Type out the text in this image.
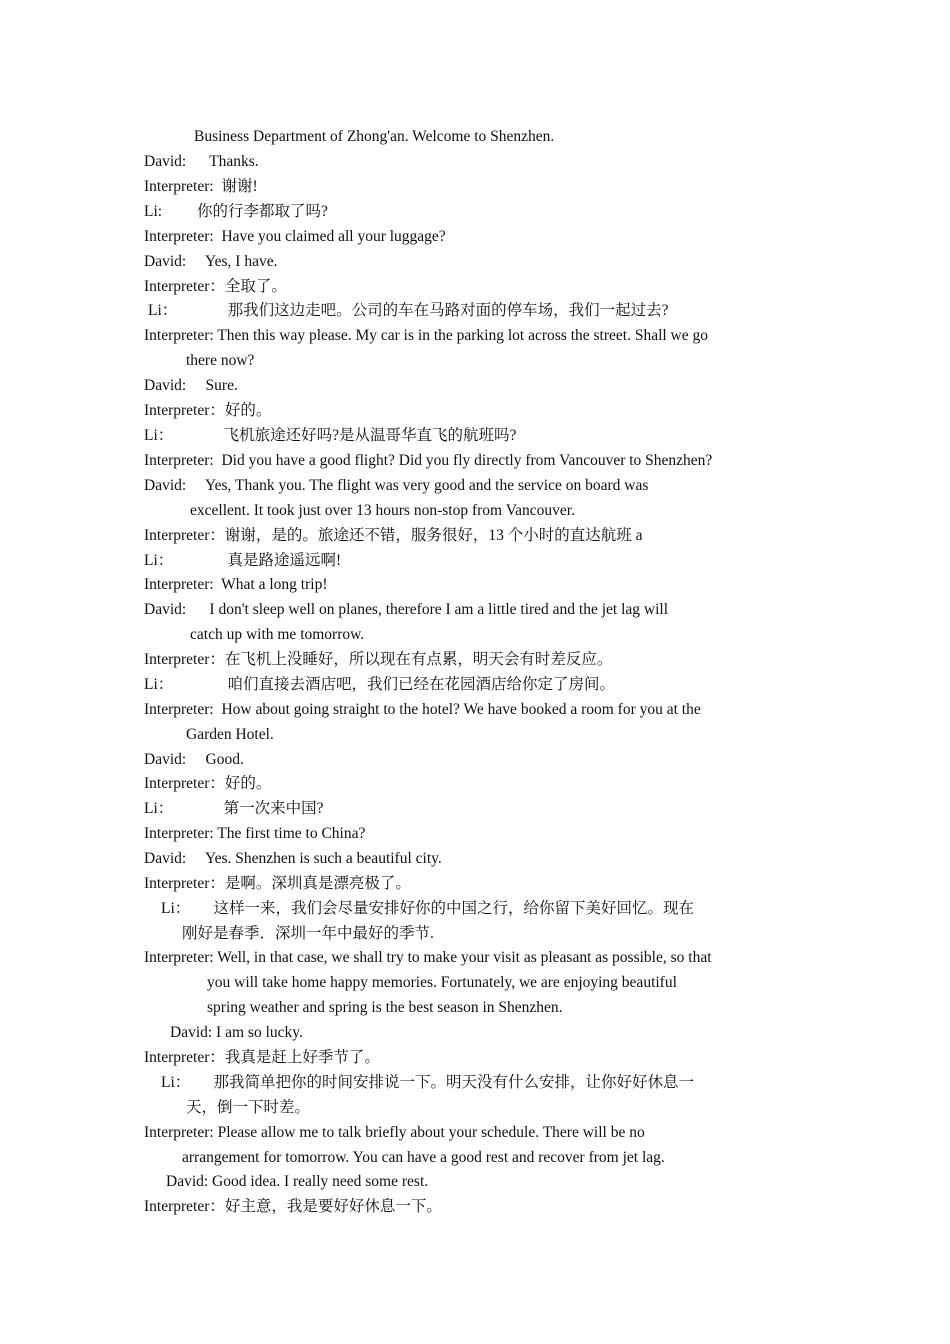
Business Department of Zhong'an. Welcome to Shenzhen.
David:      Thanks.
Interpreter:  谢谢!
Li:         你的行李都取了吗?
Interpreter:  Have you claimed all your luggage?
David:     Yes, I have.
Interpreter：全取了。
Li：             那我们这边走吧。公司的车在马路对面的停车场，我们一起过去?
Interpreter: Then this way please. My car is in the parking lot across the street. Shall we go
there now?
David:     Sure.
Interpreter：好的。
Li：             飞机旅途还好吗?是从温哥华直飞的航班吗?
Interpreter:  Did you have a good flight? Did you fly directly from Vancouver to Shenzhen?
David:     Yes, Thank you. The flight was very good and the service on board was
excellent. It took just over 13 hours non-stop from Vancouver.
Interpreter：谢谢，是的。旅途还不错，服务很好，13 个小时的直达航班 a
Li：              真是路途遥远啊!
Interpreter:  What a long trip!
David:      I don't sleep well on planes, therefore I am a little tired and the jet lag will
catch up with me tomorrow.
Interpreter：在飞机上没睡好，所以现在有点累，明天会有时差反应。
Li：              咱们直接去酒店吧，我们已经在花园酒店给你定了房间。
Interpreter:  How about going straight to the hotel? We have booked a room for you at the
Garden Hotel.
David:     Good.
Interpreter：好的。
Li：             第一次来中国?
Interpreter: The first time to China?
David:     Yes. Shenzhen is such a beautiful city.
Interpreter：是啊。深圳真是漂亮极了。
Li：      这样一来，我们会尽量安排好你的中国之行，给你留下美好回忆。现在
刚好是春季．深圳一年中最好的季节.
Interpreter: Well, in that case, we shall try to make your visit as pleasant as possible, so that
you will take home happy memories. Fortunately, we are enjoying beautiful
spring weather and spring is the best season in Shenzhen.
David: I am so lucky.
Interpreter：我真是赶上好季节了。
Li：      那我简单把你的时间安排说一下。明天没有什么安排，让你好好休息一
天，倒一下时差。
Interpreter: Please allow me to talk briefly about your schedule. There will be no
arrangement for tomorrow. You can have a good rest and recover from jet lag.
David: Good idea. I really need some rest.
Interpreter：好主意，我是要好好休息一下。
